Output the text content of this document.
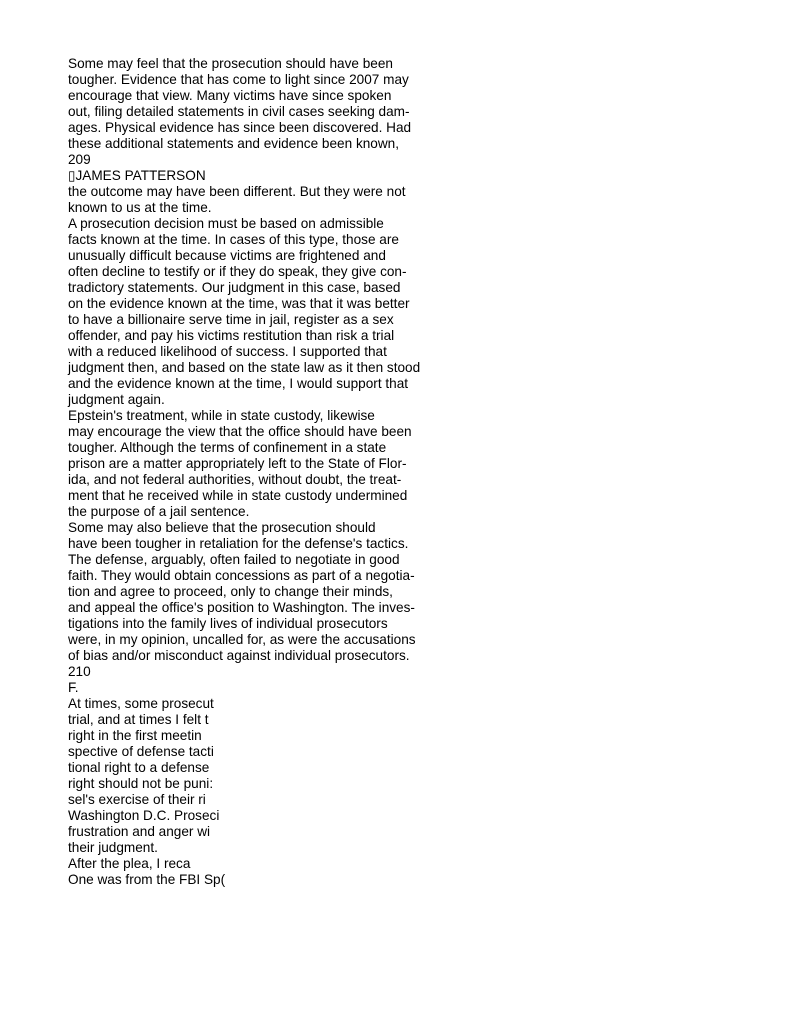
Some may feel that the prosecution should have been
tougher. Evidence that has come to light since 2007 may
encourage that view. Many victims have since spoken
out, filing detailed statements in civil cases seeking dam-
ages. Physical evidence has since been discovered. Had
these additional statements and evidence been known,
209
▯JAMES PATTERSON
the outcome may have been different. But they were not
known to us at the time.
A prosecution decision must be based on admissible
facts known at the time. In cases of this type, those are
unusually difficult because victims are frightened and
often decline to testify or if they do speak, they give con-
tradictory statements. Our judgment in this case, based
on the evidence known at the time, was that it was better
to have a billionaire serve time in jail, register as a sex
offender, and pay his victims restitution than risk a trial
with a reduced likelihood of success. I supported that
judgment then, and based on the state law as it then stood
and the evidence known at the time, I would support that
judgment again.
Epstein's treatment, while in state custody, likewise
may encourage the view that the office should have been
tougher. Although the terms of confinement in a state
prison are a matter appropriately left to the State of Flor-
ida, and not federal authorities, without doubt, the treat-
ment that he received while in state custody undermined
the purpose of a jail sentence.
Some may also believe that the prosecution should
have been tougher in retaliation for the defense's tactics.
The defense, arguably, often failed to negotiate in good
faith. They would obtain concessions as part of a negotia-
tion and agree to proceed, only to change their minds,
and appeal the office's position to Washington. The inves-
tigations into the family lives of individual prosecutors
were, in my opinion, uncalled for, as were the accusations
of bias and/or misconduct against individual prosecutors.
210
F.
At times, some prosecut
trial, and at times I felt t
right in the first meetin
spective of defense tacti
tional right to a defense
right should not be puni:
sel's exercise of their ri
Washington D.C. Proseci
frustration and anger wi
their judgment.
After the plea, I reca
One was from the FBI Sp(
